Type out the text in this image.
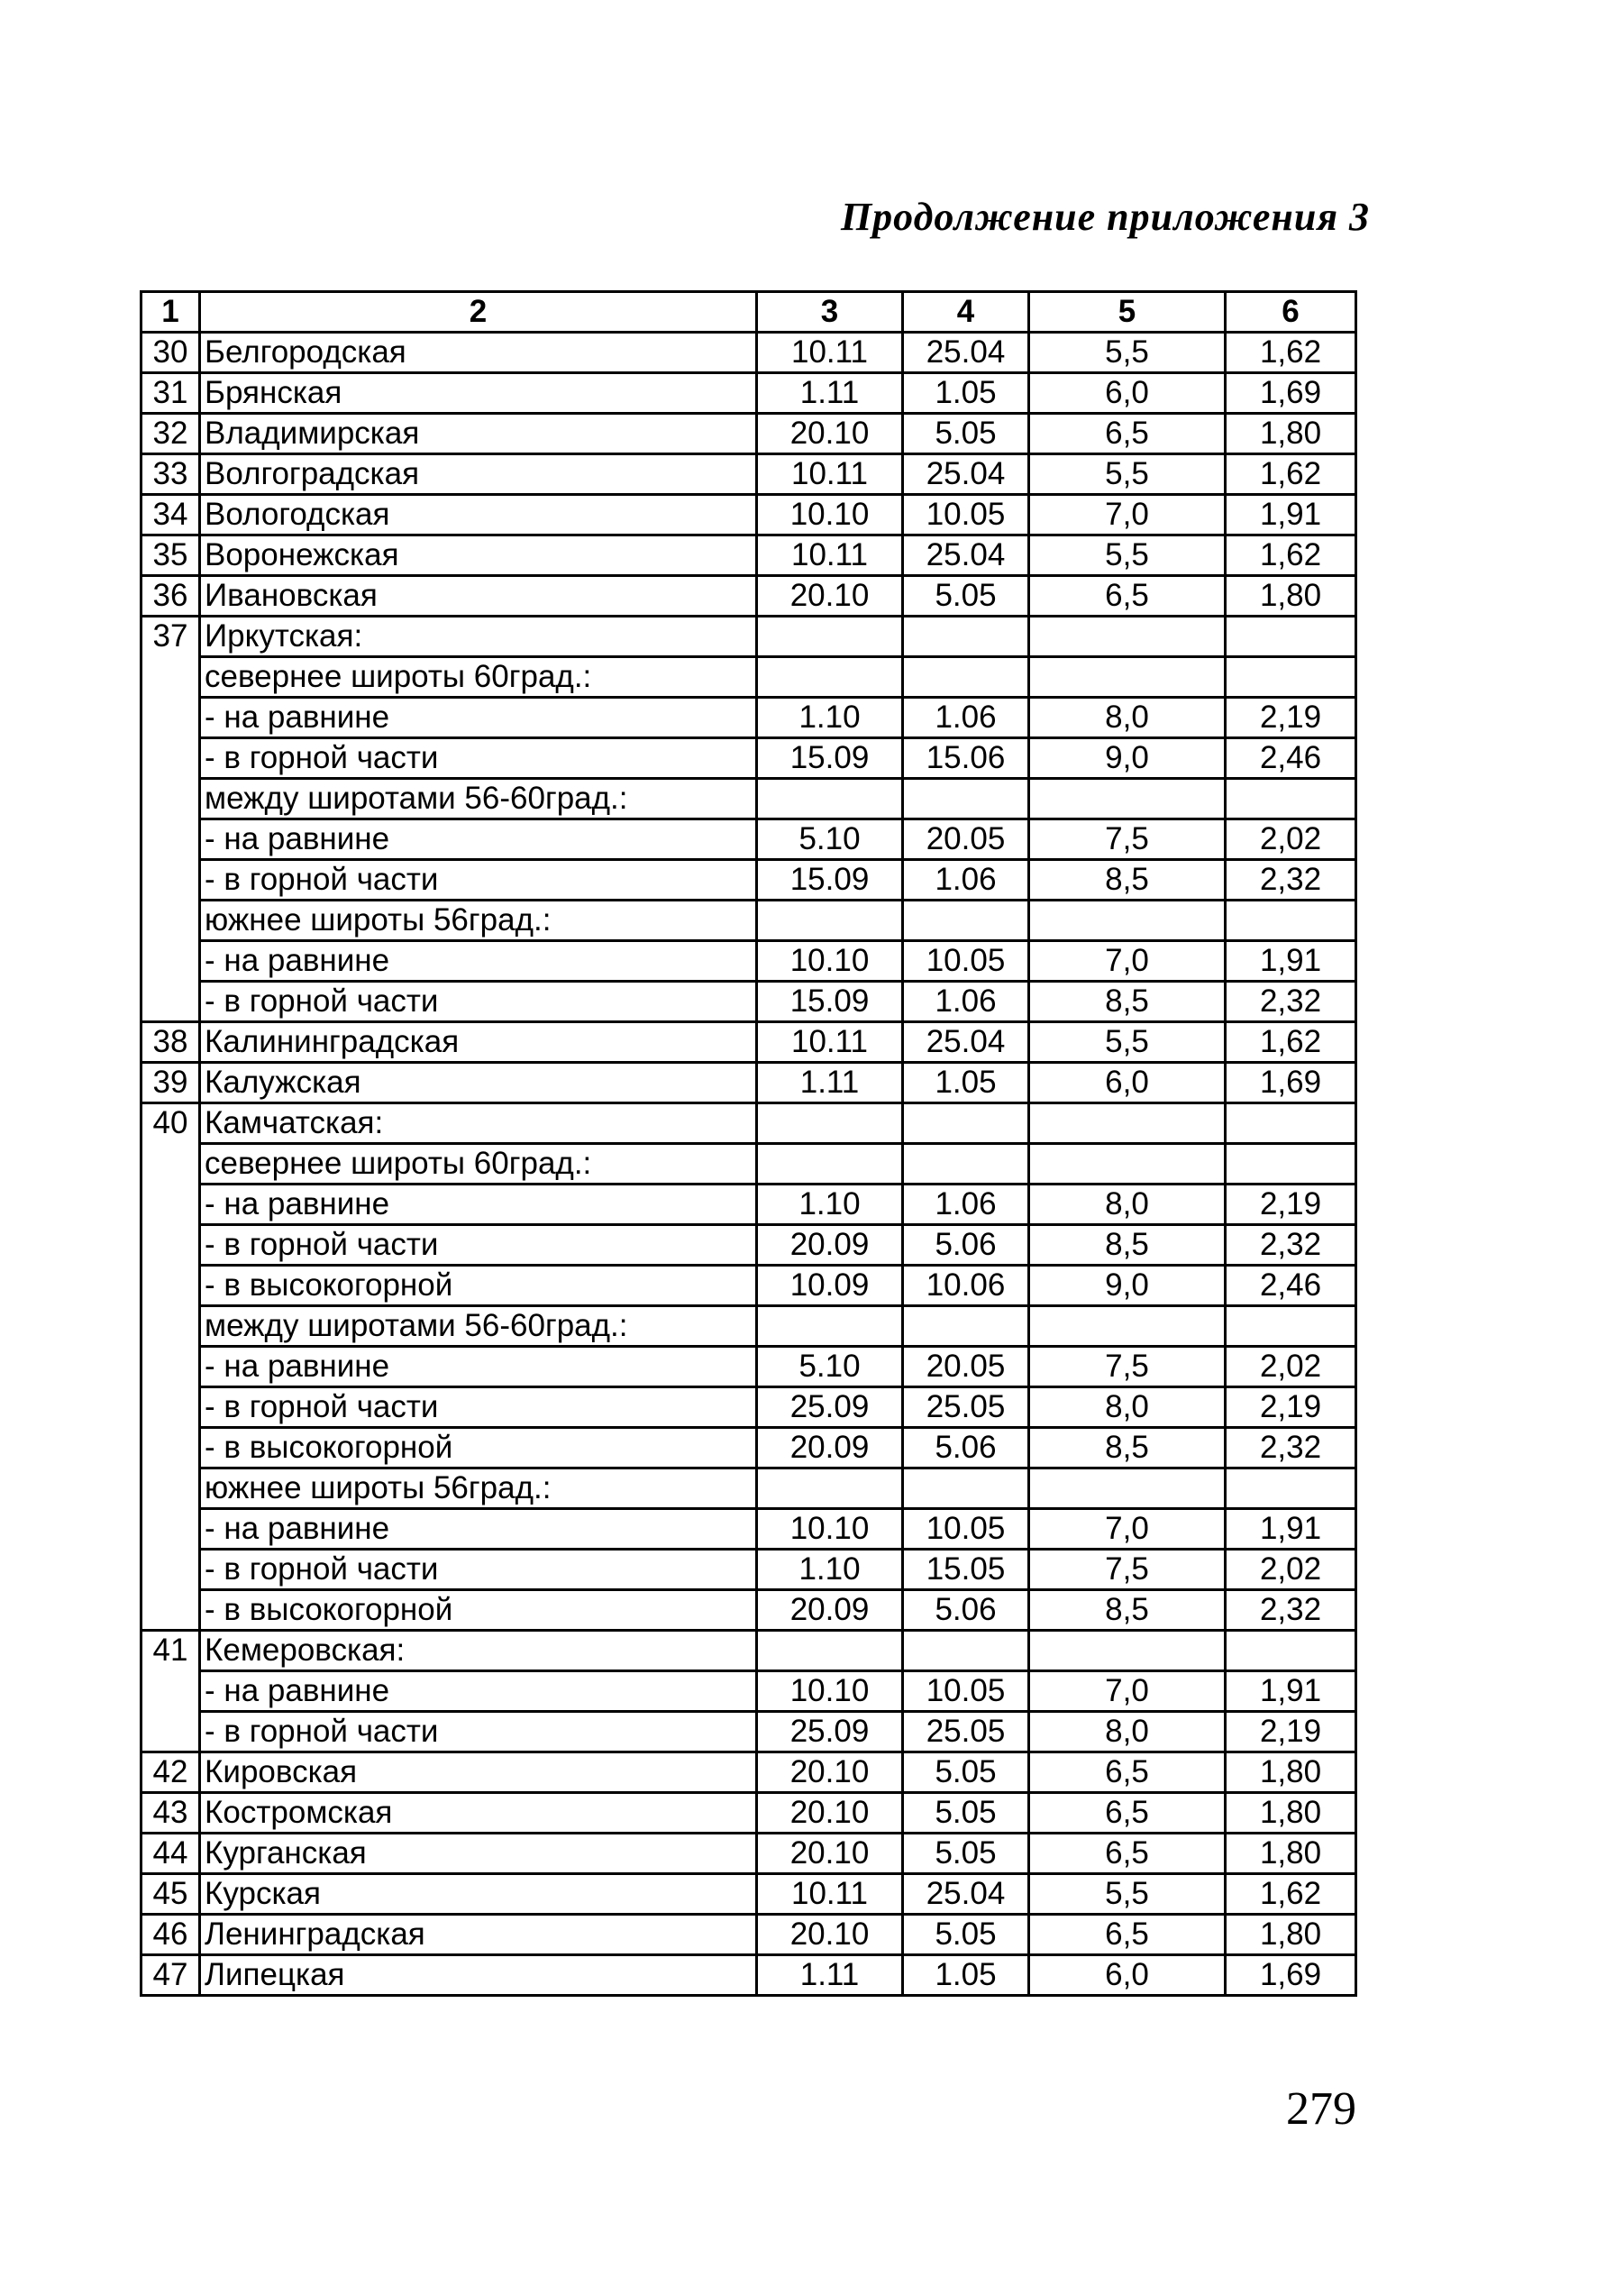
Продолжение приложения 3
1	2	3	4	5	6
30	Белгородская	10.11	25.04	5,5	1,62
31	Брянская	1.11	1.05	6,0	1,69
32	Владимирская	20.10	5.05	6,5	1,80
33	Волгоградская	10.11	25.04	5,5	1,62
34	Вологодская	10.10	10.05	7,0	1,91
35	Воронежская	10.11	25.04	5,5	1,62
36	Ивановская	20.10	5.05	6,5	1,80
37	Иркутская:				
	севернее широты 60град.:				
	- на равнине	1.10	1.06	8,0	2,19
	- в горной части	15.09	15.06	9,0	2,46
	между широтами 56-60град.:				
	- на равнине	5.10	20.05	7,5	2,02
	- в горной части	15.09	1.06	8,5	2,32
	южнее широты 56град.:				
	- на равнине	10.10	10.05	7,0	1,91
	- в горной части	15.09	1.06	8,5	2,32
38	Калининградская	10.11	25.04	5,5	1,62
39	Калужская	1.11	1.05	6,0	1,69
40	Камчатская:				
	севернее широты 60град.:				
	- на равнине	1.10	1.06	8,0	2,19
	- в горной части	20.09	5.06	8,5	2,32
	- в высокогорной	10.09	10.06	9,0	2,46
	между широтами 56-60град.:				
	- на равнине	5.10	20.05	7,5	2,02
	- в горной части	25.09	25.05	8,0	2,19
	- в высокогорной	20.09	5.06	8,5	2,32
	южнее широты 56град.:				
	- на равнине	10.10	10.05	7,0	1,91
	- в горной части	1.10	15.05	7,5	2,02
	- в высокогорной	20.09	5.06	8,5	2,32
41	Кемеровская:				
	- на равнине	10.10	10.05	7,0	1,91
	- в горной части	25.09	25.05	8,0	2,19
42	Кировская	20.10	5.05	6,5	1,80
43	Костромская	20.10	5.05	6,5	1,80
44	Курганская	20.10	5.05	6,5	1,80
45	Курская	10.11	25.04	5,5	1,62
46	Ленинградская	20.10	5.05	6,5	1,80
47	Липецкая	1.11	1.05	6,0	1,69
279
